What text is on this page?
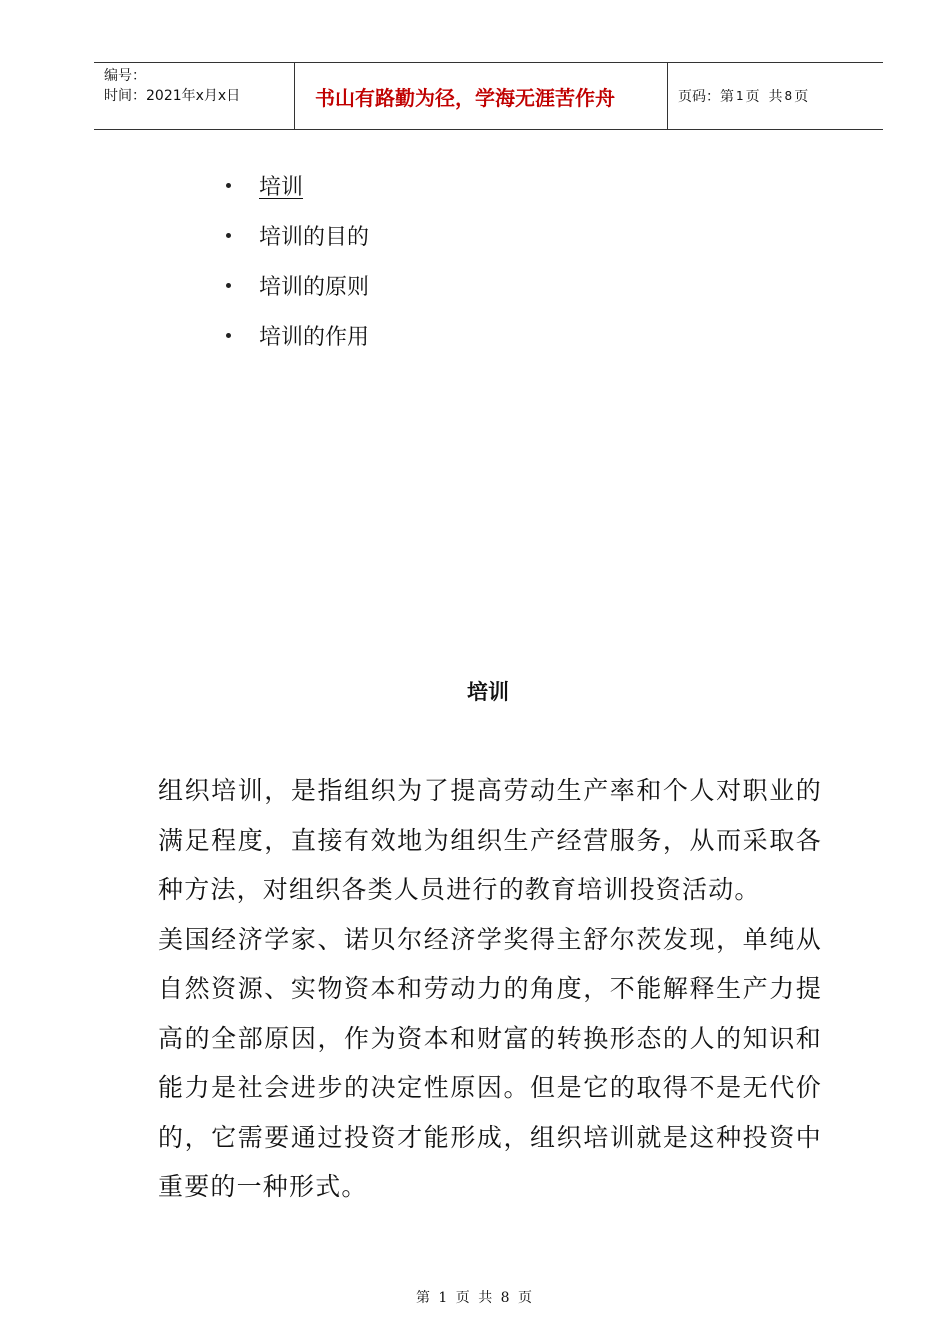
编号：
时间：2021年x月x日	书山有路勤为径，学海无涯苦作舟	页码：第 1 页  共 8 页
培训
培训的目的
培训的原则
培训的作用
培训

组织培训，是指组织为了提高劳动生产率和个人对职业的满足程度，直接有效地为组织生产经营服务，从而采取各种方法，对组织各类人员进行的教育培训投资活动。

美国经济学家、诺贝尔经济学奖得主舒尔茨发现，单纯从自然资源、实物资本和劳动力的角度，不能解释生产力提高的全部原因，作为资本和财富的转换形态的人的知识和能力是社会进步的决定性原因。但是它的取得不是无代价的，它需要通过投资才能形成，组织培训就是这种投资中重要的一种形式。

第 1 页 共 8 页
